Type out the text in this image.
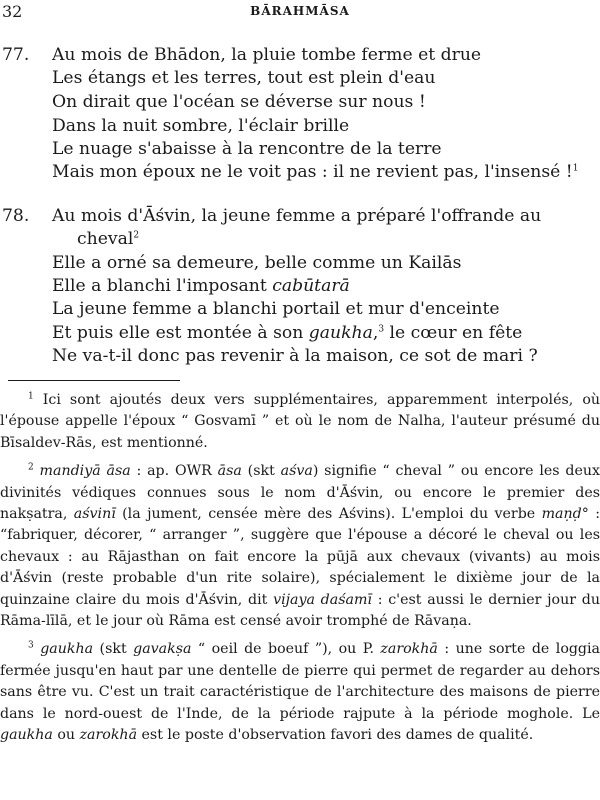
32	BĀRAHMĀSA
77. Au mois de Bhādon, la pluie tombe ferme et drue
Les étangs et les terres, tout est plein d'eau
On dirait que l'océan se déverse sur nous !
Dans la nuit sombre, l'éclair brille
Le nuage s'abaisse à la rencontre de la terre
Mais mon époux ne le voit pas : il ne revient pas, l'insensé !$^1$
78. Au mois d'Āśvin, la jeune femme a préparé l'offrande au
cheval$^2$
Elle a orné sa demeure, belle comme un Kailās
Elle a blanchi l'imposant cabūtarā
La jeune femme a blanchi portail et mur d'enceinte
Et puis elle est montée à son gaukha,$^3$ le cœur en fête
Ne va-t-il donc pas revenir à la maison, ce sot de mari ?

$^1$ Ici sont ajoutés deux vers supplémentaires, apparemment interpolés, où l'épouse appelle l'époux “ Gosvamī ” et où le nom de Nalha, l'auteur présumé du Bīsaldev-Rās, est mentionné.

$^2$ mandiyā āsa : ap. OWR āsa (skt aśva) signifie “ cheval ” ou encore les deux divinités védiques connues sous le nom d'Āśvin, ou encore le premier des nakṣatra, aśvinī (la jument, censée mère des Aśvins). L'emploi du verbe maṇḍ° : “fabriquer, décorer, “ arranger ”, suggère que l'épouse a décoré le cheval ou les chevaux : au Rājasthan on fait encore la pūjā aux chevaux (vivants) au mois d'Āśvin (reste probable d'un rite solaire), spécialement le dixième jour de la quinzaine claire du mois d'Āśvin, dit vijaya daśamī : c'est aussi le dernier jour du Rāma-līlā, et le jour où Rāma est censé avoir tromphé de Rāvaṇa.

$^3$ gaukha (skt gavakṣa “ oeil de boeuf ”), ou P. zarokhā : une sorte de loggia fermée jusqu'en haut par une dentelle de pierre qui permet de regarder au dehors sans être vu. C'est un trait caractéristique de l'architecture des maisons de pierre dans le nord-ouest de l'Inde, de la période rajpute à la période moghole. Le gaukha ou zarokhā est le poste d'observation favori des dames de qualité.
